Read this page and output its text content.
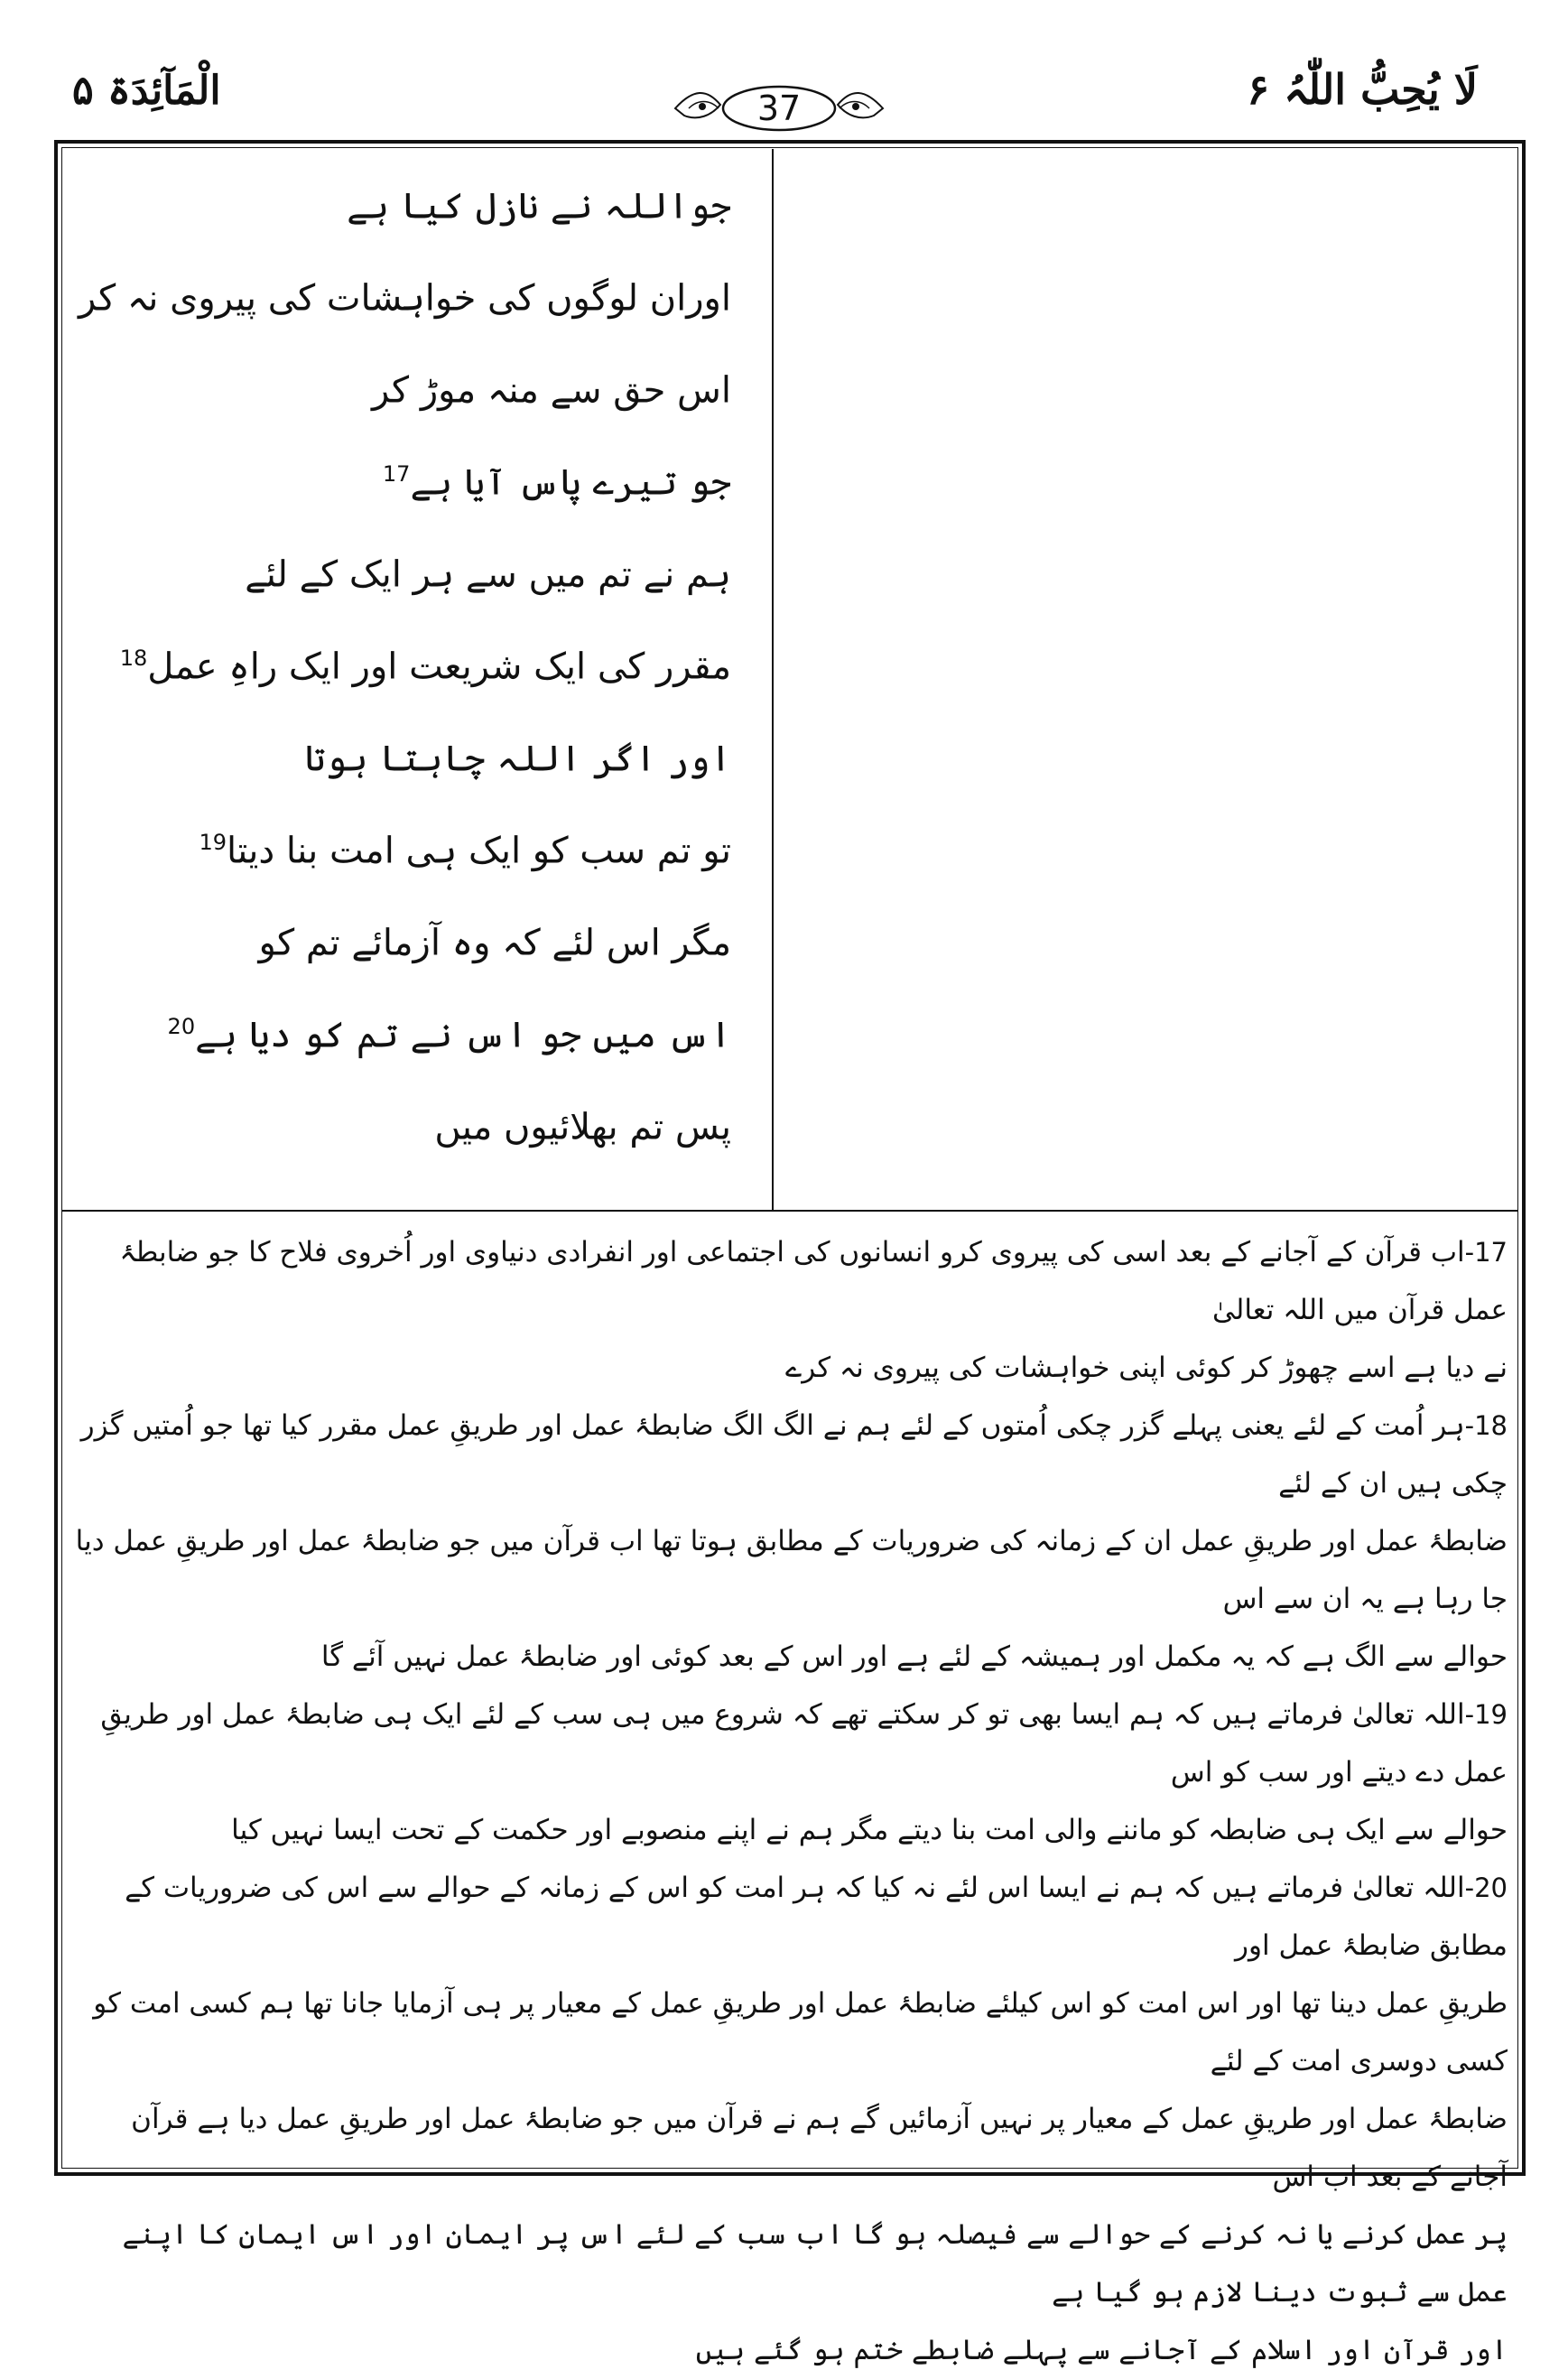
الْمَآئِدَۃ ۵	37	لَا یُحِبُّ اللّٰہُ ۶
جواللہ نے نازل کیا ہے
اوران لوگوں کی خواہشات کی پیروی نہ کر
اس حق سے منہ موڑ کر
جو تیرے پاس آیا ہے$^{17}$
ہم نے تم میں سے ہر ایک کے لئے
مقرر کی ایک شریعت اور ایک راہِ عمل$^{18}$
اور اگر اللہ چاہتا ہوتا
تو تم سب کو ایک ہی امت بنا دیتا$^{19}$
مگر اس لئے کہ وہ آزمائے تم کو
اس میں جو اس نے تم کو دیا ہے$^{20}$
پس تم بھلائیوں میں
17-اب قرآن کے آجانے کے بعد اسی کی پیروی کرو انسانوں کی اجتماعی اور انفرادی دنیاوی اور اُخروی فلاح کا جو ضابطۂ عمل قرآن میں اللہ تعالیٰ
نے دیا ہے اسے چھوڑ کر کوئی اپنی خواہشات کی پیروی نہ کرے
18-ہر اُمت کے لئے یعنی پہلے گزر چکی اُمتوں کے لئے ہم نے الگ الگ ضابطۂ عمل اور طریقِ عمل مقرر کیا تھا جو اُمتیں گزر چکی ہیں ان کے لئے
ضابطۂ عمل اور طریقِ عمل ان کے زمانہ کی ضروریات کے مطابق ہوتا تھا اب قرآن میں جو ضابطۂ عمل اور طریقِ عمل دیا جا رہا ہے یہ ان سے اس
حوالے سے الگ ہے کہ یہ مکمل اور ہمیشہ کے لئے ہے اور اس کے بعد کوئی اور ضابطۂ عمل نہیں آئے گا
19-اللہ تعالیٰ فرماتے ہیں کہ ہم ایسا بھی تو کر سکتے تھے کہ شروع میں ہی سب کے لئے ایک ہی ضابطۂ عمل اور طریقِ عمل دے دیتے اور سب کو اس
حوالے سے ایک ہی ضابطہ کو ماننے والی امت بنا دیتے مگر ہم نے اپنے منصوبے اور حکمت کے تحت ایسا نہیں کیا
20-اللہ تعالیٰ فرماتے ہیں کہ ہم نے ایسا اس لئے نہ کیا کہ ہر امت کو اس کے زمانہ کے حوالے سے اس کی ضروریات کے مطابق ضابطۂ عمل اور
طریقِ عمل دینا تھا اور اس امت کو اس کیلئے ضابطۂ عمل اور طریقِ عمل کے معیار پر ہی آزمایا جانا تھا ہم کسی امت کو کسی دوسری امت کے لئے
ضابطۂ عمل اور طریقِ عمل کے معیار پر نہیں آزمائیں گے ہم نے قرآن میں جو ضابطۂ عمل اور طریقِ عمل دیا ہے قرآن آجانے کے بعد اب اس
پر عمل کرنے یا نہ کرنے کے حوالے سے فیصلہ ہو گا اب سب کے لئے اس پر ایمان اور اس ایمان کا اپنے عمل سے ثبوت دینا لازم ہو گیا ہے
اور قرآن اور اسلام کے آجانے سے پہلے ضابطے ختم ہو گئے ہیں
